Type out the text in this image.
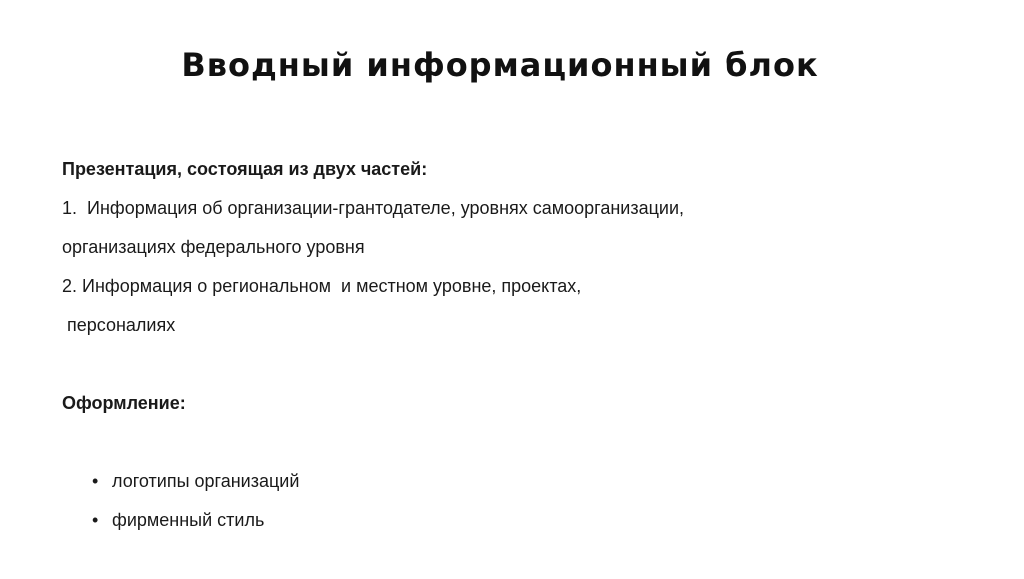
Вводный информационный блок
Презентация, состоящая из двух частей:
1.  Информация об организации-грантодателе, уровнях самоорганизации,
организациях федерального уровня
2. Информация о региональном  и местном уровне, проектах,
персоналиях
Оформление:

• логотипы организаций

• фирменный стиль
